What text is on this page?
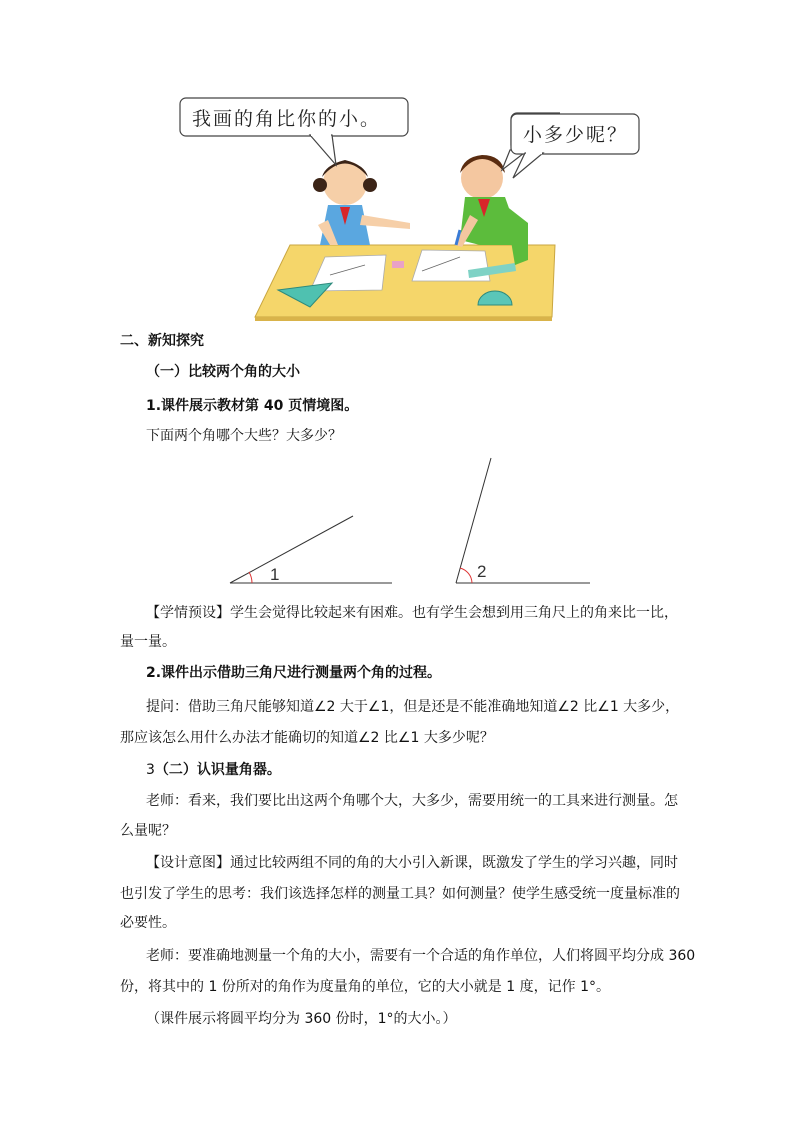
我画的角比你的小。
小多少呢？
二、新知探究
（一）比较两个角的大小
1.课件展示教材第 40 页情境图。
下面两个角哪个大些？大多少？
1	2
【学情预设】学生会觉得比较起来有困难。也有学生会想到用三角尺上的角来比一比，
量一量。
2.课件出示借助三角尺进行测量两个角的过程。
提问：借助三角尺能够知道∠2 大于∠1，但是还是不能准确地知道∠2 比∠1 大多少，
那应该怎么用什么办法才能确切的知道∠2 比∠1 大多少呢？
3（二）认识量角器。
老师：看来，我们要比出这两个角哪个大，大多少，需要用统一的工具来进行测量。怎
么量呢？
【设计意图】通过比较两组不同的角的大小引入新课，既激发了学生的学习兴趣，同时
也引发了学生的思考：我们该选择怎样的测量工具？如何测量？使学生感受统一度量标准的
必要性。
老师：要准确地测量一个角的大小，需要有一个合适的角作单位，人们将圆平均分成 360
份，将其中的 1 份所对的角作为度量角的单位，它的大小就是 1 度，记作 1°。
（课件展示将圆平均分为 360 份时，1°的大小。）
